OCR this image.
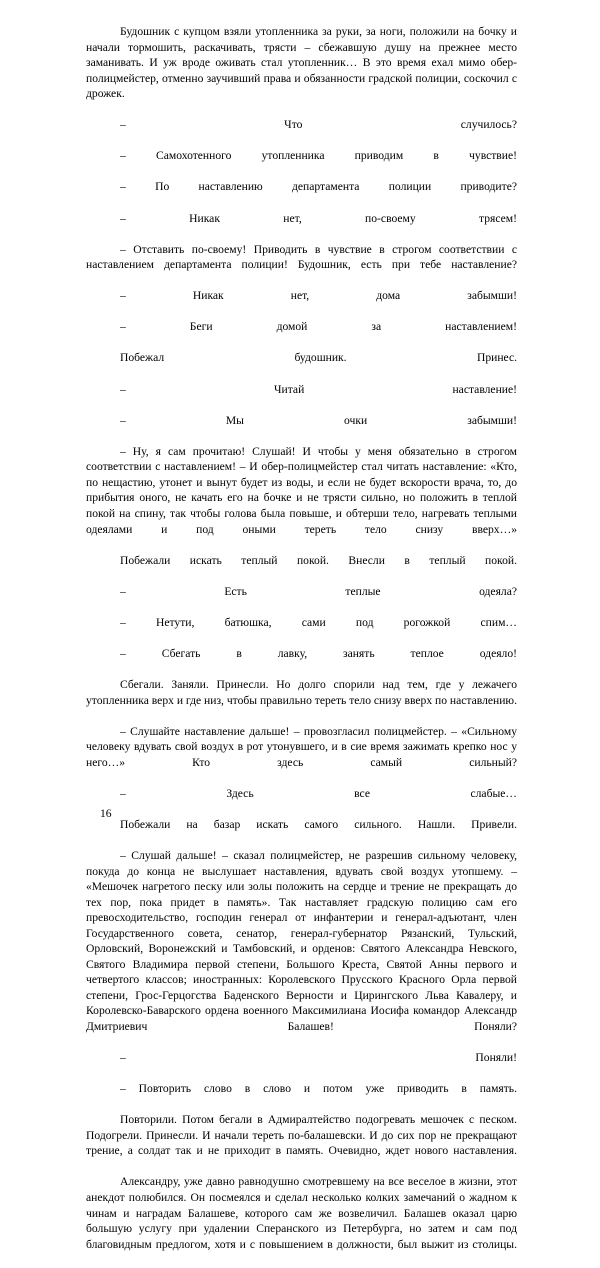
Будошник с купцом взяли утопленника за руки, за ноги, положили на бочку и начали тормошить, раскачивать, трясти – сбежавшую душу на прежнее место заманивать. И уж вроде оживать стал утопленник… В это время ехал мимо обер-полицмейстер, отменно заучивший права и обязанности градской полиции, соскочил с дрожек.

– Что случилось?

– Самохотенного утопленника приводим в чувствие!

– По наставлению департамента полиции приводите?

– Никак нет, по-своему трясем!

– Отставить по-своему! Приводить в чувствие в строгом соответствии с наставлением департамента полиции! Будошник, есть при тебе наставление?

– Никак нет, дома забымши!

– Беги домой за наставлением!

Побежал будошник. Принес.

– Читай наставление!

– Мы очки забымши!

– Ну, я сам прочитаю! Слушай! И чтобы у меня обязательно в строгом соответствии с наставлением! – И обер-полицмейстер стал читать наставление: «Кто, по нещастию, утонет и вынут будет из воды, и если не будет вскорости врача, то, до прибытия оного, не качать его на бочке и не трясти сильно, но положить в теплой покой на спину, так чтобы голова была повыше, и обтерши тело, нагревать теплыми одеялами и под оными тереть тело снизу вверх…»

Побежали искать теплый покой. Внесли в теплый покой.

– Есть теплые одеяла?

– Нетути, батюшка, сами под рогожкой спим…

– Сбегать в лавку, занять теплое одеяло!

Сбегали. Заняли. Принесли. Но долго спорили над тем, где у лежачего утопленника верх и где низ, чтобы правильно тереть тело снизу вверх по наставлению.

– Слушайте наставление дальше! – провозгласил полицмейстер. – «Сильному человеку вдувать свой воздух в рот утонувшего, и в сие время зажимать крепко нос у него…» Кто здесь самый сильный?

– Здесь все слабые…

Побежали на базар искать самого сильного. Нашли. Привели.

– Слушай дальше! – сказал полицмейстер, не разрешив сильному человеку, покуда до конца не выслушает наставления, вдувать свой воздух утопшему. – «Мешочек нагретого песку или золы положить на сердце и трение не прекращать до тех пор, пока придет в память». Так наставляет градскую полицию сам его превосходительство, господин генерал от инфантерии и генерал-адъютант, член Государственного совета, сенатор, генерал-губернатор Рязанский, Тульский, Орловский, Воронежский и Тамбовский, и орденов: Святого Александра Невского, Святого Владимира первой степени, Большого Креста, Святой Анны первого и четвертого классов; иностранных: Королевского Прусского Красного Орла первой степени, Грос-Герцогства Баденского Верности и Цирингского Льва Кавалеру, и Королевско-Баварского ордена военного Максимилиана Иосифа командор Александр Дмитриевич Балашев! Поняли?

– Поняли!

– Повторить слово в слово и потом уже приводить в память.

Повторили. Потом бегали в Адмиралтейство подогревать мешочек с песком. Подогрели. Принесли. И начали тереть по-балашевски. И до сих пор не прекращают трение, а солдат так и не приходит в память. Очевидно, ждет нового наставления.

Александру, уже давно равнодушно смотревшему на все веселое в жизни, этот анекдот полюбился. Он посмеялся и сделал несколько колких замечаний о жадном к чинам и наградам Балашеве, которого сам же возвеличил. Балашев оказал царю большую услугу при удалении Сперанского из Петербурга, но затем и сам под благовидным предлогом, хотя и с повышением в должности, был выжит из столицы.

16
